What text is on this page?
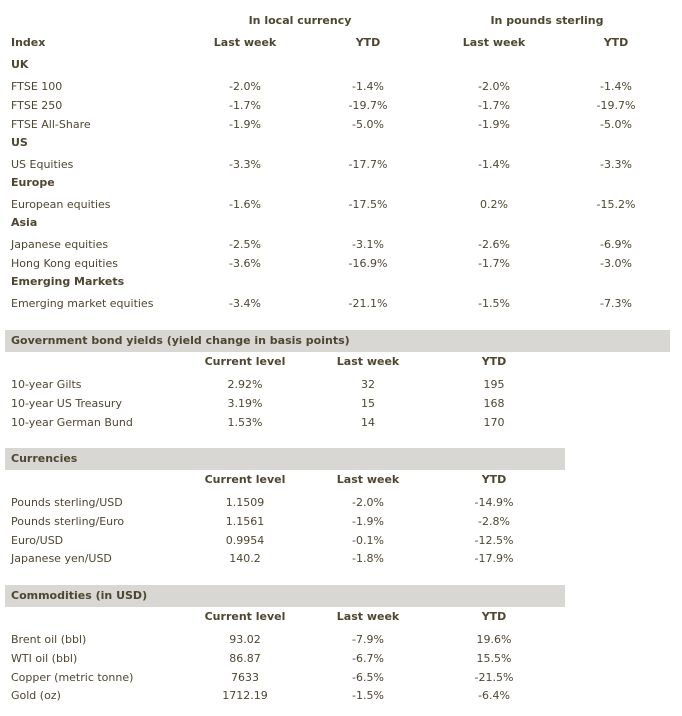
In local currency	In pounds sterling
Index	Last week	YTD	Last week	YTD
UK
FTSE 100	-2.0%	-1.4%	-2.0%	-1.4%
FTSE 250	-1.7%	-19.7%	-1.7%	-19.7%
FTSE All-Share	-1.9%	-5.0%	-1.9%	-5.0%
US
US Equities	-3.3%	-17.7%	-1.4%	-3.3%
Europe
European equities	-1.6%	-17.5%	0.2%	-15.2%
Asia
Japanese equities	-2.5%	-3.1%	-2.6%	-6.9%
Hong Kong equities	-3.6%	-16.9%	-1.7%	-3.0%
Emerging Markets
Emerging market equities	-3.4%	-21.1%	-1.5%	-7.3%
Government bond yields (yield change in basis points)
Current level	Last week	YTD
10-year Gilts	2.92%	32	195
10-year US Treasury	3.19%	15	168
10-year German Bund	1.53%	14	170
Currencies
Current level	Last week	YTD
Pounds sterling/USD	1.1509	-2.0%	-14.9%
Pounds sterling/Euro	1.1561	-1.9%	-2.8%
Euro/USD	0.9954	-0.1%	-12.5%
Japanese yen/USD	140.2	-1.8%	-17.9%
Commodities (in USD)
Current level	Last week	YTD
Brent oil (bbl)	93.02	-7.9%	19.6%
WTI oil (bbl)	86.87	-6.7%	15.5%
Copper (metric tonne)	7633	-6.5%	-21.5%
Gold (oz)	1712.19	-1.5%	-6.4%
